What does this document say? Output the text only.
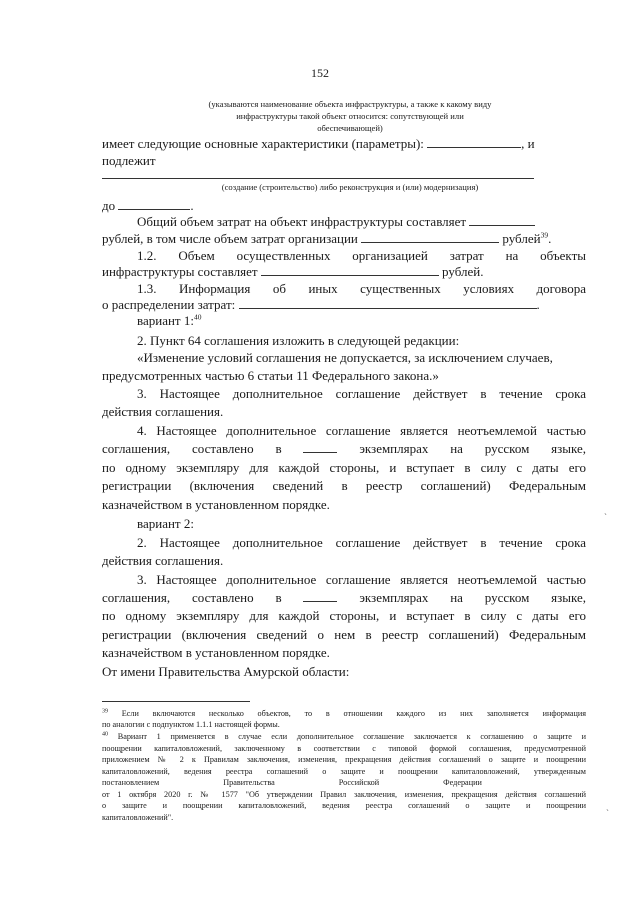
152
(указываются наименование объекта инфраструктуры, а также к какому виду
инфраструктуры такой объект относится: сопутствующей или
обеспечивающей)
имеет следующие основные характеристики (параметры):	, и
подлежит
(создание (строительство) либо реконструкция и (или) модернизация)
до	.
Общий объем затрат на объект инфраструктуры составляет
рублей, в том числе объем затрат организации	рублей$^{39}$.
1.2. Объем осуществленных организацией затрат на объекты
инфраструктуры составляет	рублей.
1.3. Информация об иных существенных условиях договора
о распределении затрат:	.
вариант 1:$^{40}$
2. Пункт 64 соглашения изложить в следующей редакции:
«Изменение условий соглашения не допускается, за исключением случаев,
предусмотренных частью 6 статьи 11 Федерального закона.»
3. Настоящее дополнительное соглашение действует в течение срока
действия соглашения.
4. Настоящее дополнительное соглашение является неотъемлемой частью
соглашения, составлено в	экземплярах на русском языке,
по одному экземпляру для каждой стороны, и вступает в силу с даты его
регистрации (включения сведений в реестр соглашений) Федеральным
казначейством в установленном порядке.
вариант 2:
2. Настоящее дополнительное соглашение действует в течение срока
действия соглашения.
3. Настоящее дополнительное соглашение является неотъемлемой частью
соглашения, составлено в	экземплярах на русском языке,
по одному экземпляру для каждой стороны, и вступает в силу с даты его
регистрации (включения сведений о нем в реестр соглашений) Федеральным
казначейством в установленном порядке.
От имени Правительства Амурской области:
$^{39}$ Если включаются несколько объектов, то в отношении каждого из них заполняется информация
по аналогии с подпунктом 1.1.1 настоящей формы.
$^{40}$ Вариант 1 применяется в случае если дополнительное соглашение заключается к соглашению о защите и
поощрении капиталовложений, заключенному в соответствии с типовой формой соглашения, предусмотренной
приложением № 2 к Правилам заключения, изменения, прекращения действия соглашений о защите и поощрении
капиталовложений, ведения реестра соглашений о защите и поощрении капиталовложений, утвержденным
постановлением Правительства Российской Федерации
от 1 октября 2020 г. № 1577 "Об утверждении Правил заключения, изменения, прекращения действия соглашений
о защите и поощрении капиталовложений, ведения реестра соглашений о защите и поощрении
капиталовложений".
ˋ
ˋ
